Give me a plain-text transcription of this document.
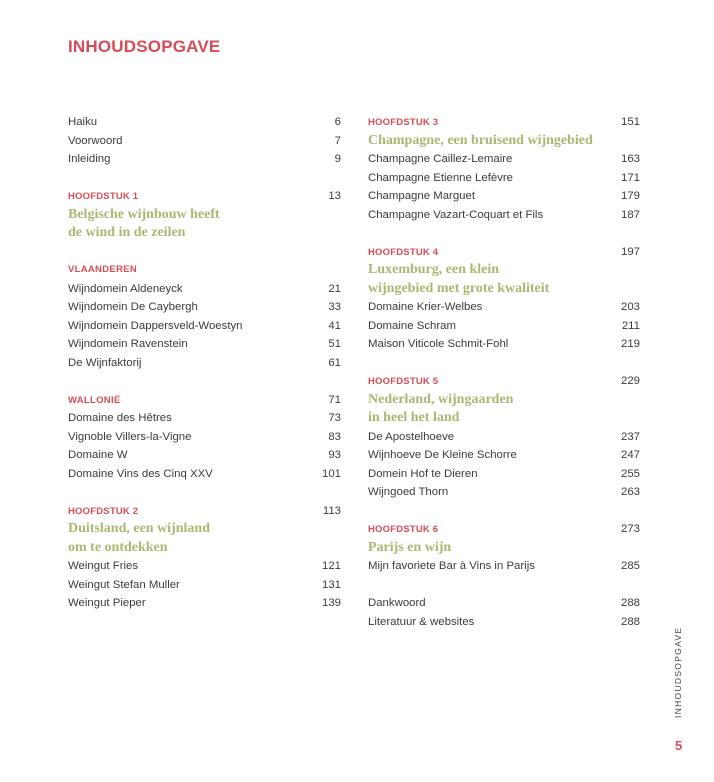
INHOUDSOPGAVE
Haiku	6
Voorwoord	7
Inleiding	9
HOOFDSTUK 1	13
Belgische wijnbouw heeft
de wind in de zeilen
VLAANDEREN
Wijndomein Aldeneyck	21
Wijndomein De Caybergh	33
Wijndomein Dappersveld-Woestyn	41
Wijndomein Ravenstein	51
De Wijnfaktorij	61
WALLONIË	71
Domaine des Hêtres	73
Vignoble Villers-la-Vigne	83
Domaine W	93
Domaine Vins des Cinq XXV	101
HOOFDSTUK 2	113
Duitsland, een wijnland
om te ontdekken
Weingut Fries	121
Weingut Stefan Muller	131
Weingut Pieper	139
HOOFDSTUK 3	151
Champagne, een bruisend wijngebied
Champagne Caillez-Lemaire	163
Champagne Etienne Lefèvre	171
Champagne Marguet	179
Champagne Vazart-Coquart et Fils	187
HOOFDSTUK 4	197
Luxemburg, een klein
wijngebied met grote kwaliteit
Domaine Krier-Welbes	203
Domaine Schram	211
Maison Viticole Schmit-Fohl	219
HOOFDSTUK 5	229
Nederland, wijngaarden
in heel het land
De Apostelhoeve	237
Wijnhoeve De Kleine Schorre	247
Domein Hof te Dieren	255
Wijngoed Thorn	263
HOOFDSTUK 6	273
Parijs en wijn
Mijn favoriete Bar à Vins in Parijs	285
Dankwoord	288
Literatuur & websites	288
INHOUDSOPGAVE
5
